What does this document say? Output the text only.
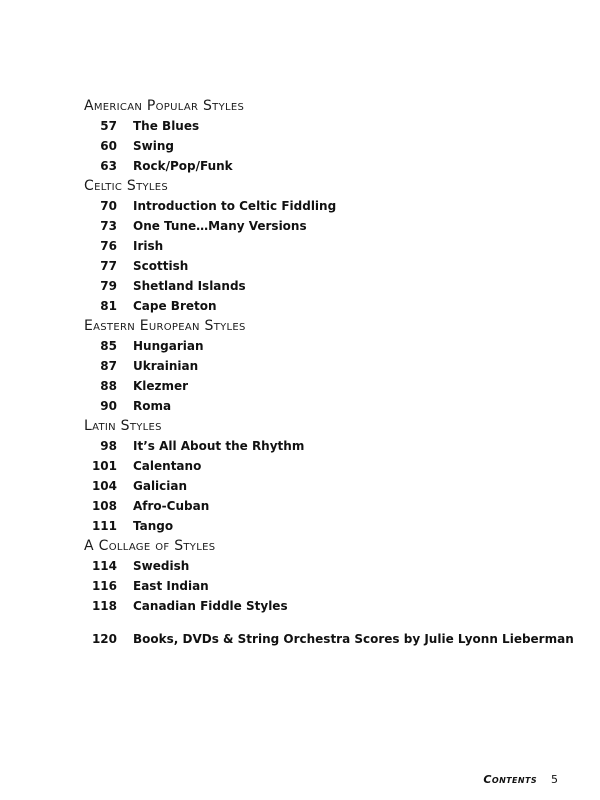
American Popular Styles
57 The Blues
60 Swing
63 Rock/Pop/Funk
Celtic Styles
70 Introduction to Celtic Fiddling
73 One Tune…Many Versions
76 Irish
77 Scottish
79 Shetland Islands
81 Cape Breton
Eastern European Styles
85 Hungarian
87 Ukrainian
88 Klezmer
90 Roma
Latin Styles
98 It’s All About the Rhythm
101 Calentano
104 Galician
108 Afro-Cuban
111 Tango
A Collage of Styles
114 Swedish
116 East Indian
118 Canadian Fiddle Styles
120 Books, DVDs & String Orchestra Scores by Julie Lyonn Lieberman
Contents 5
